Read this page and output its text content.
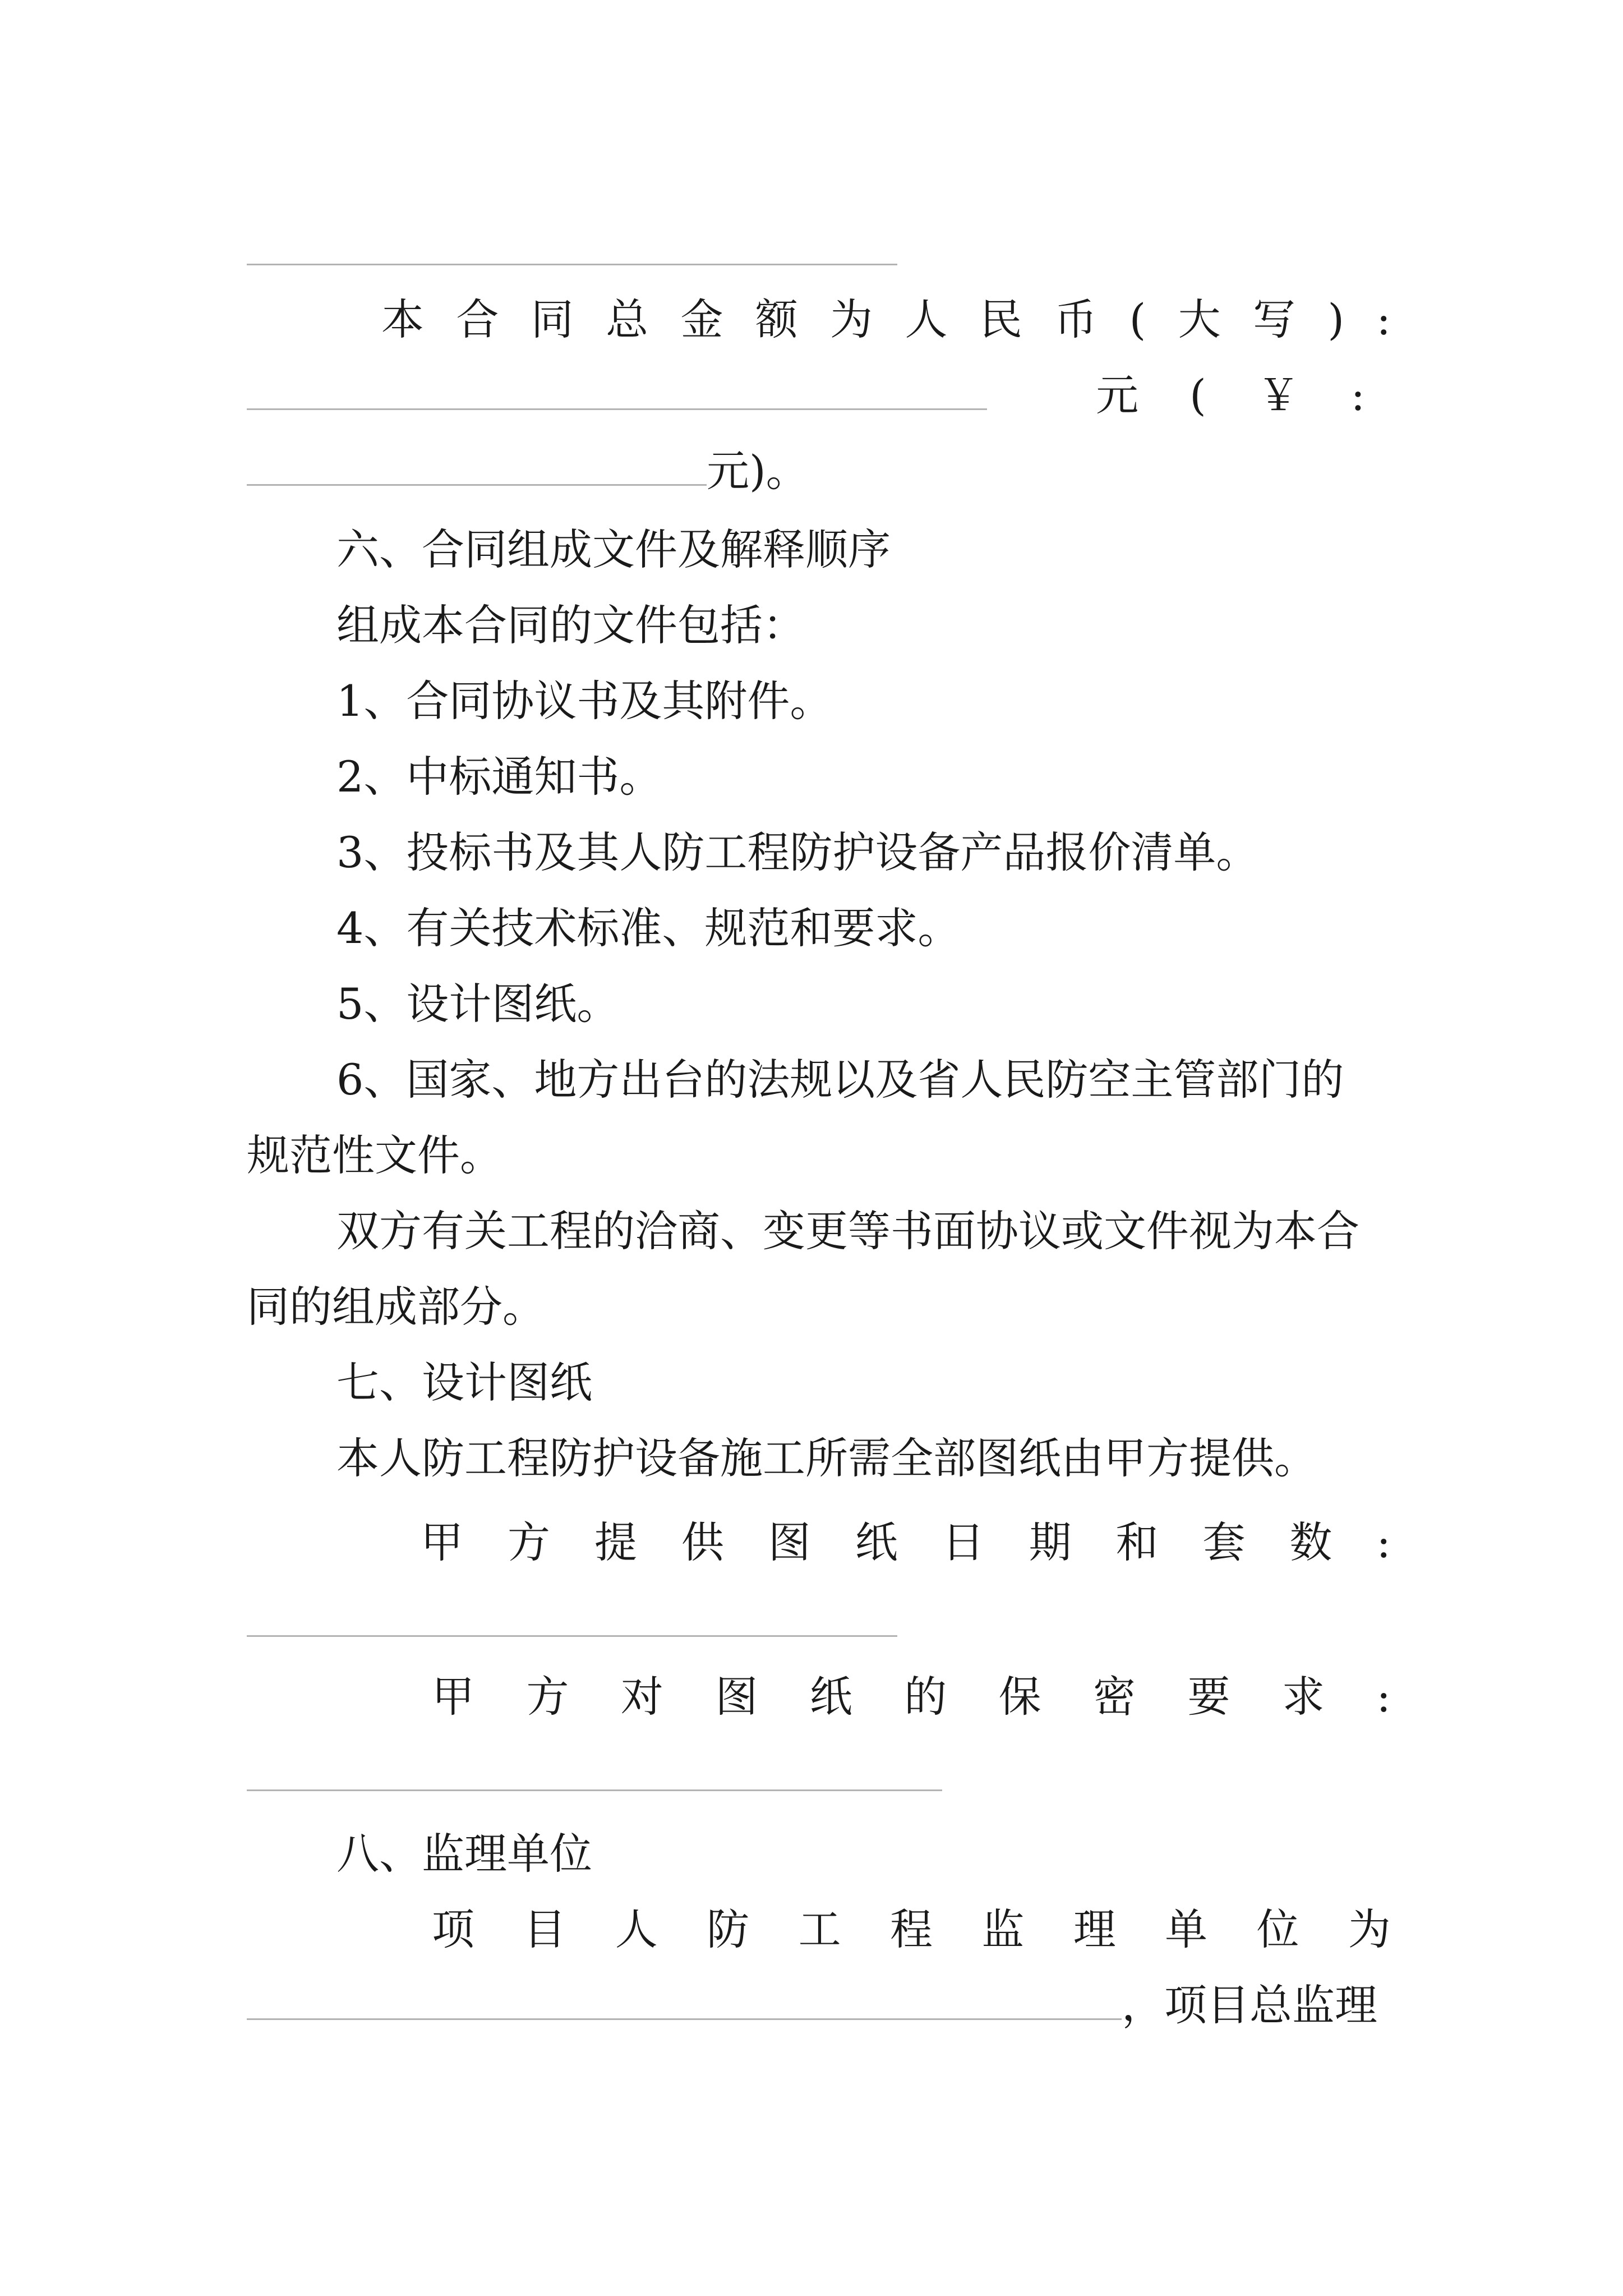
本 合 同 总 金 额 为 人 民 币 ( 大 写 ) :

元 ( ￥ :
元)。
六、合同组成文件及解释顺序
组成本合同的文件包括：
1、合同协议书及其附件。
2、中标通知书。
3、投标书及其人防工程防护设备产品报价清单。
4、有关技术标准、规范和要求。
5、设计图纸。
6、国家、地方出台的法规以及省人民防空主管部门的
规范性文件。
双方有关工程的洽商、变更等书面协议或文件视为本合
同的组成部分。
七、设计图纸
本人防工程防护设备施工所需全部图纸由甲方提供。
甲 方 提 供 图 纸 日 期 和 套 数 :
甲 方 对 图 纸 的 保 密 要 求 :
八、监理单位
项 目 人 防 工 程 监 理 单 位 为
，项目总监理
